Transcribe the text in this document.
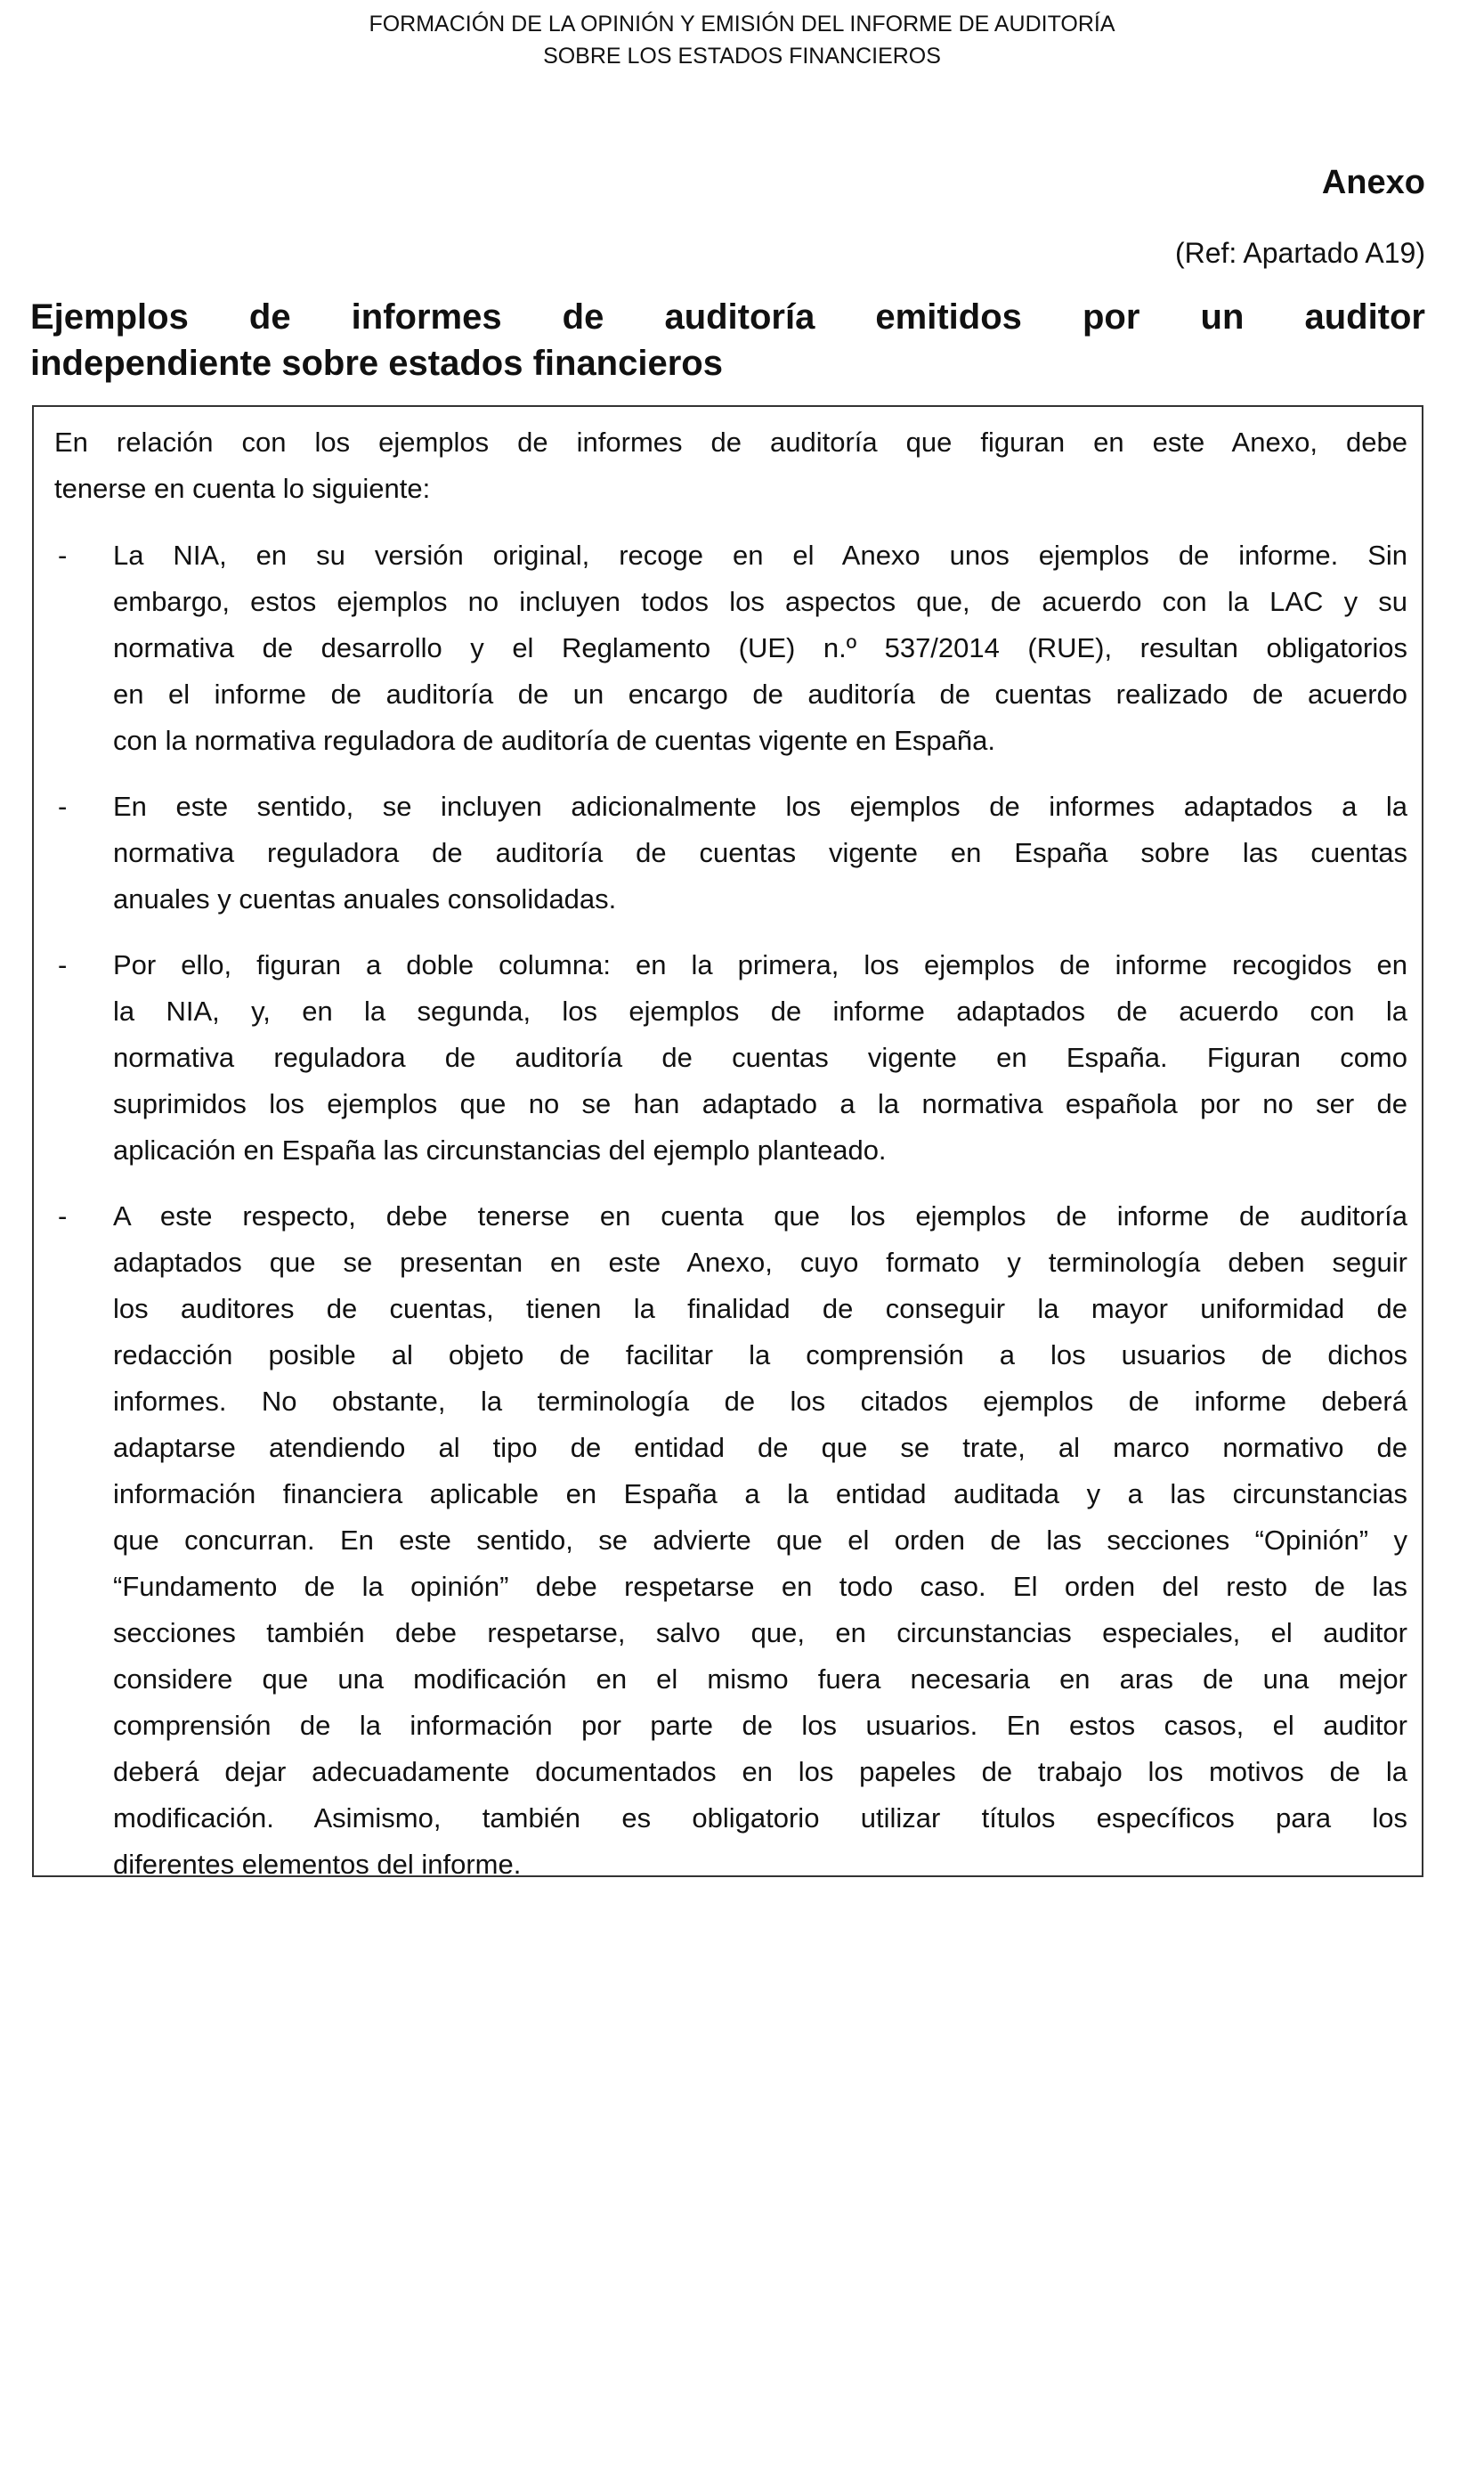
FORMACIÓN DE LA OPINIÓN Y EMISIÓN DEL INFORME DE AUDITORÍA
SOBRE LOS ESTADOS FINANCIEROS
Anexo
(Ref: Apartado A19)
Ejemplos de informes de auditoría emitidos por un auditor
independiente sobre estados financieros
En relación con los ejemplos de informes de auditoría que figuran en este Anexo, debe
tenerse en cuenta lo siguiente:
- La NIA, en su versión original, recoge en el Anexo unos ejemplos de informe. Sin
embargo, estos ejemplos no incluyen todos los aspectos que, de acuerdo con la LAC y su
normativa de desarrollo y el Reglamento (UE) n.º 537/2014 (RUE), resultan obligatorios
en el informe de auditoría de un encargo de auditoría de cuentas realizado de acuerdo
con la normativa reguladora de auditoría de cuentas vigente en España.
- En este sentido, se incluyen adicionalmente los ejemplos de informes adaptados a la
normativa reguladora de auditoría de cuentas vigente en España sobre las cuentas
anuales y cuentas anuales consolidadas.
- Por ello, figuran a doble columna: en la primera, los ejemplos de informe recogidos en
la NIA, y, en la segunda, los ejemplos de informe adaptados de acuerdo con la
normativa reguladora de auditoría de cuentas vigente en España. Figuran como
suprimidos los ejemplos que no se han adaptado a la normativa española por no ser de
aplicación en España las circunstancias del ejemplo planteado.
- A este respecto, debe tenerse en cuenta que los ejemplos de informe de auditoría
adaptados que se presentan en este Anexo, cuyo formato y terminología deben seguir
los auditores de cuentas, tienen la finalidad de conseguir la mayor uniformidad de
redacción posible al objeto de facilitar la comprensión a los usuarios de dichos
informes. No obstante, la terminología de los citados ejemplos de informe deberá
adaptarse atendiendo al tipo de entidad de que se trate, al marco normativo de
información financiera aplicable en España a la entidad auditada y a las circunstancias
que concurran. En este sentido, se advierte que el orden de las secciones “Opinión” y
“Fundamento de la opinión” debe respetarse en todo caso. El orden del resto de las
secciones también debe respetarse, salvo que, en circunstancias especiales, el auditor
considere que una modificación en el mismo fuera necesaria en aras de una mejor
comprensión de la información por parte de los usuarios. En estos casos, el auditor
deberá dejar adecuadamente documentados en los papeles de trabajo los motivos de la
modificación. Asimismo, también es obligatorio utilizar títulos específicos para los
diferentes elementos del informe.
